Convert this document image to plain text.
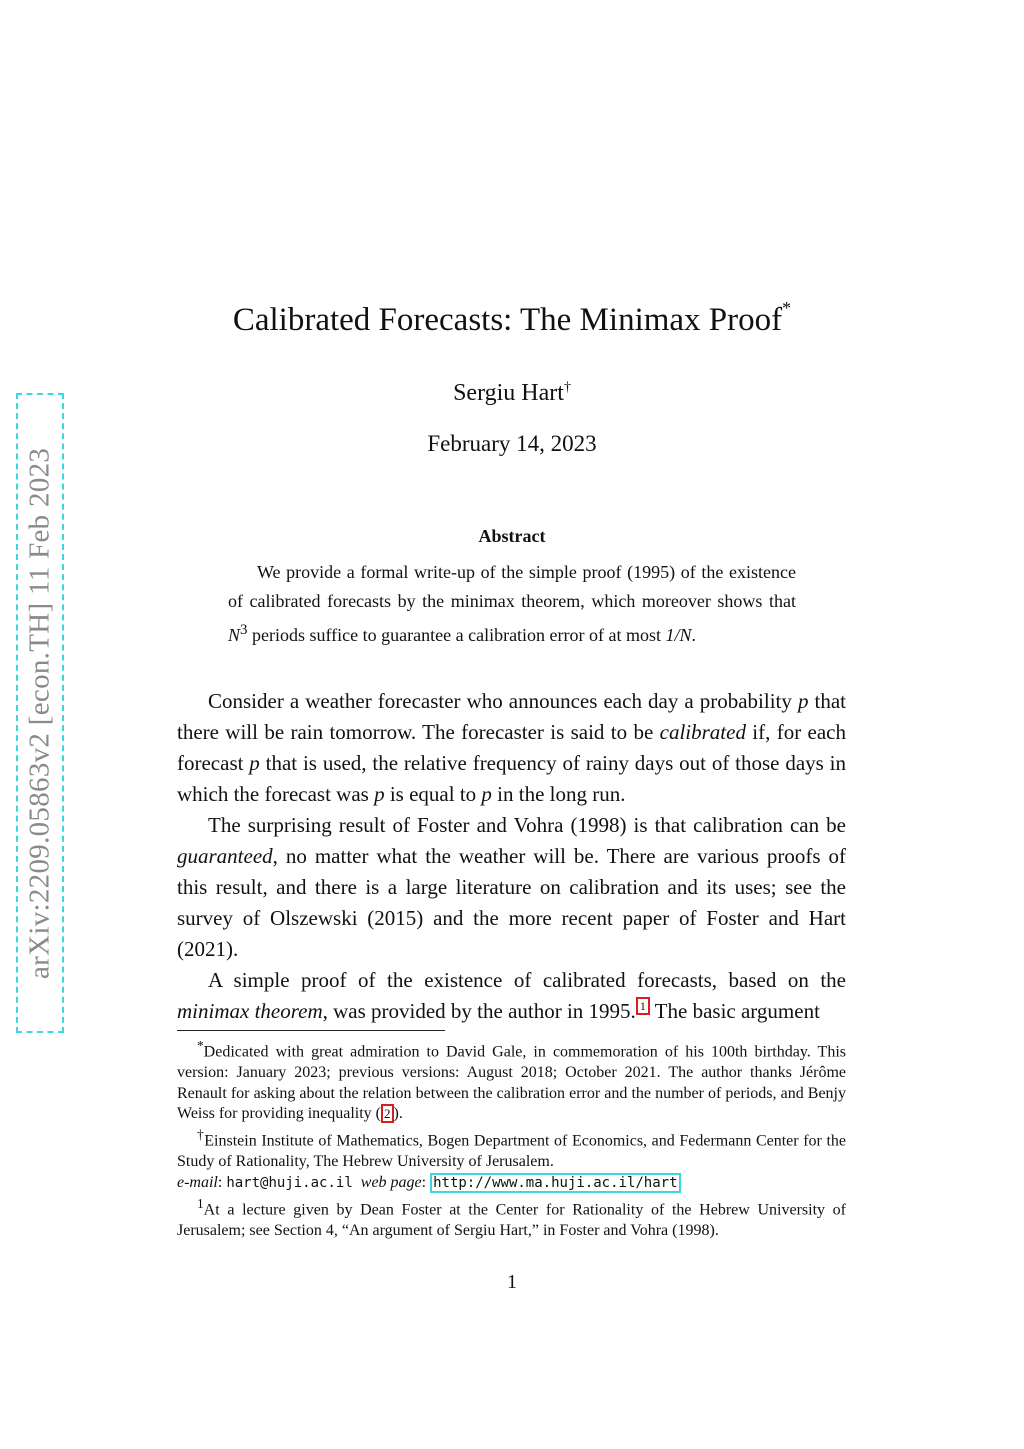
arXiv:2209.05863v2 [econ.TH] 11 Feb 2023
Calibrated Forecasts: The Minimax Proof*
Sergiu Hart†
February 14, 2023
Abstract
We provide a formal write-up of the simple proof (1995) of the existence of calibrated forecasts by the minimax theorem, which moreover shows that $N^3$ periods suffice to guarantee a calibration error of at most 1/N.

Consider a weather forecaster who announces each day a probability p that there will be rain tomorrow. The forecaster is said to be calibrated if, for each forecast p that is used, the relative frequency of rainy days out of those days in which the forecast was p is equal to p in the long run.

The surprising result of Foster and Vohra (1998) is that calibration can be guaranteed, no matter what the weather will be. There are various proofs of this result, and there is a large literature on calibration and its uses; see the survey of Olszewski (2015) and the more recent paper of Foster and Hart (2021).

A simple proof of the existence of calibrated forecasts, based on the minimax theorem, was provided by the author in 1995. $^1$ The basic argument

*Dedicated with great admiration to David Gale, in commemoration of his 100th birthday. This version: January 2023; previous versions: August 2018; October 2021. The author thanks Jérôme Renault for asking about the relation between the calibration error and the number of periods, and Benjy Weiss for providing inequality ( 2 ).

†Einstein Institute of Mathematics, Bogen Department of Economics, and Federmann Center for the Study of Rationality, The Hebrew University of Jerusalem.

e-mail: hart@huji.ac.il web page: http://www.ma.huji.ac.il/hart

$^1$At a lecture given by Dean Foster at the Center for Rationality of the Hebrew University of Jerusalem; see Section 4, “An argument of Sergiu Hart,” in Foster and Vohra (1998).

1
